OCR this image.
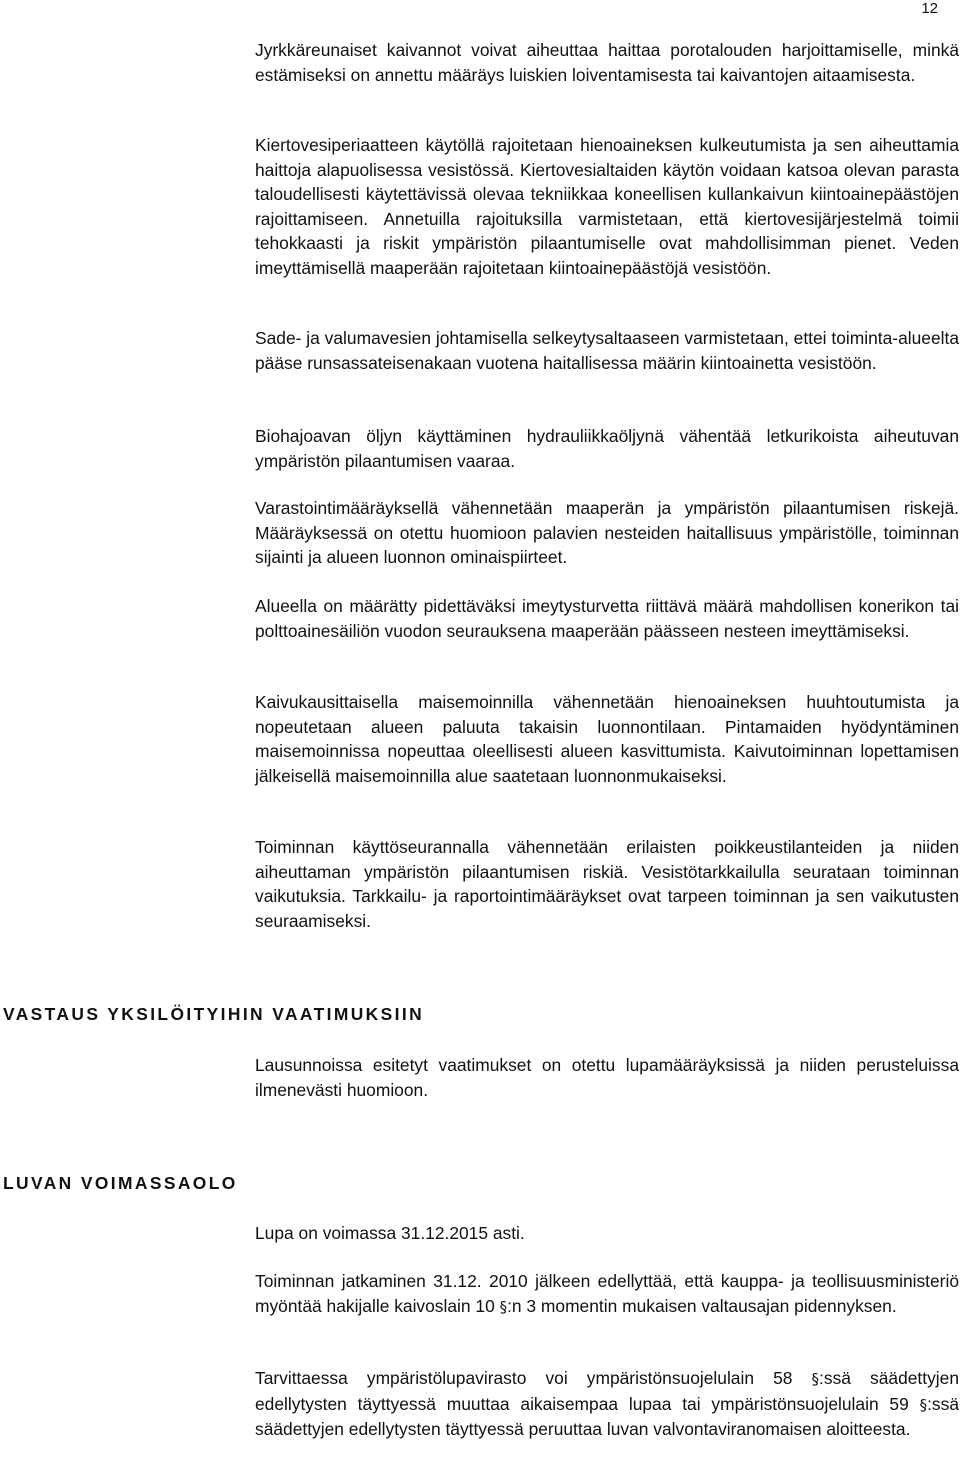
12

Jyrkkäreunaiset kaivannot voivat aiheuttaa haittaa porotalouden harjoittamiselle, minkä estämiseksi on annettu määräys luiskien loiventamisesta tai kaivantojen aitaamisesta.

Kiertovesiperiaatteen käytöllä rajoitetaan hienoaineksen kulkeutumista ja sen aiheuttamia haittoja alapuolisessa vesistössä. Kiertovesialtaiden käytön voidaan katsoa olevan parasta taloudellisesti käytettävissä olevaa tekniikkaa koneellisen kullankaivun kiintoainepäästöjen rajoittamiseen. Annetuilla rajoituksilla varmistetaan, että kiertovesijärjestelmä toimii tehokkaasti ja riskit ympäristön pilaantumiselle ovat mahdollisimman pienet. Veden imeyttämisellä maaperään rajoitetaan kiintoainepäästöjä vesistöön.

Sade- ja valumavesien johtamisella selkeytysaltaaseen varmistetaan, ettei toiminta-alueelta pääse runsassateisenakaan vuotena haitallisessa määrin kiintoainetta vesistöön.

Biohajoavan öljyn käyttäminen hydrauliikkaöljynä vähentää letkurikoista aiheutuvan ympäristön pilaantumisen vaaraa.

Varastointimääräyksellä vähennetään maaperän ja ympäristön pilaantumisen riskejä. Määräyksessä on otettu huomioon palavien nesteiden haitallisuus ympäristölle, toiminnan sijainti ja alueen luonnon ominaispiirteet.

Alueella on määrätty pidettäväksi imeytysturvetta riittävä määrä mahdollisen konerikon tai polttoainesäiliön vuodon seurauksena maaperään päässeen nesteen imeyttämiseksi.

Kaivukausittaisella maisemoinnilla vähennetään hienoaineksen huuhtoutumista ja nopeutetaan alueen paluuta takaisin luonnontilaan. Pintamaiden hyödyntäminen maisemoinnissa nopeuttaa oleellisesti alueen kasvittumista. Kaivutoiminnan lopettamisen jälkeisellä maisemoinnilla alue saatetaan luonnonmukaiseksi.

Toiminnan käyttöseurannalla vähennetään erilaisten poikkeustilanteiden ja niiden aiheuttaman ympäristön pilaantumisen riskiä. Vesistötarkkailulla seurataan toiminnan vaikutuksia. Tarkkailu- ja raportointimääräykset ovat tarpeen toiminnan ja sen vaikutusten seuraamiseksi.

VASTAUS YKSILÖITYIHIN VAATIMUKSIIN

Lausunnoissa esitetyt vaatimukset on otettu lupamääräyksissä ja niiden perusteluissa ilmenevästi huomioon.

LUVAN VOIMASSAOLO

Lupa on voimassa 31.12.2015 asti.

Toiminnan jatkaminen 31.12. 2010 jälkeen edellyttää, että kauppa- ja teollisuusministeriö myöntää hakijalle kaivoslain 10 §:n 3 momentin mukaisen valtausajan pidennyksen.

Tarvittaessa ympäristölupavirasto voi ympäristönsuojelulain 58 §:ssä säädettyjen edellytysten täyttyessä muuttaa aikaisempaa lupaa tai ympäristönsuojelulain 59 §:ssä säädettyjen edellytysten täyttyessä peruuttaa luvan valvontaviranomaisen aloitteesta.
